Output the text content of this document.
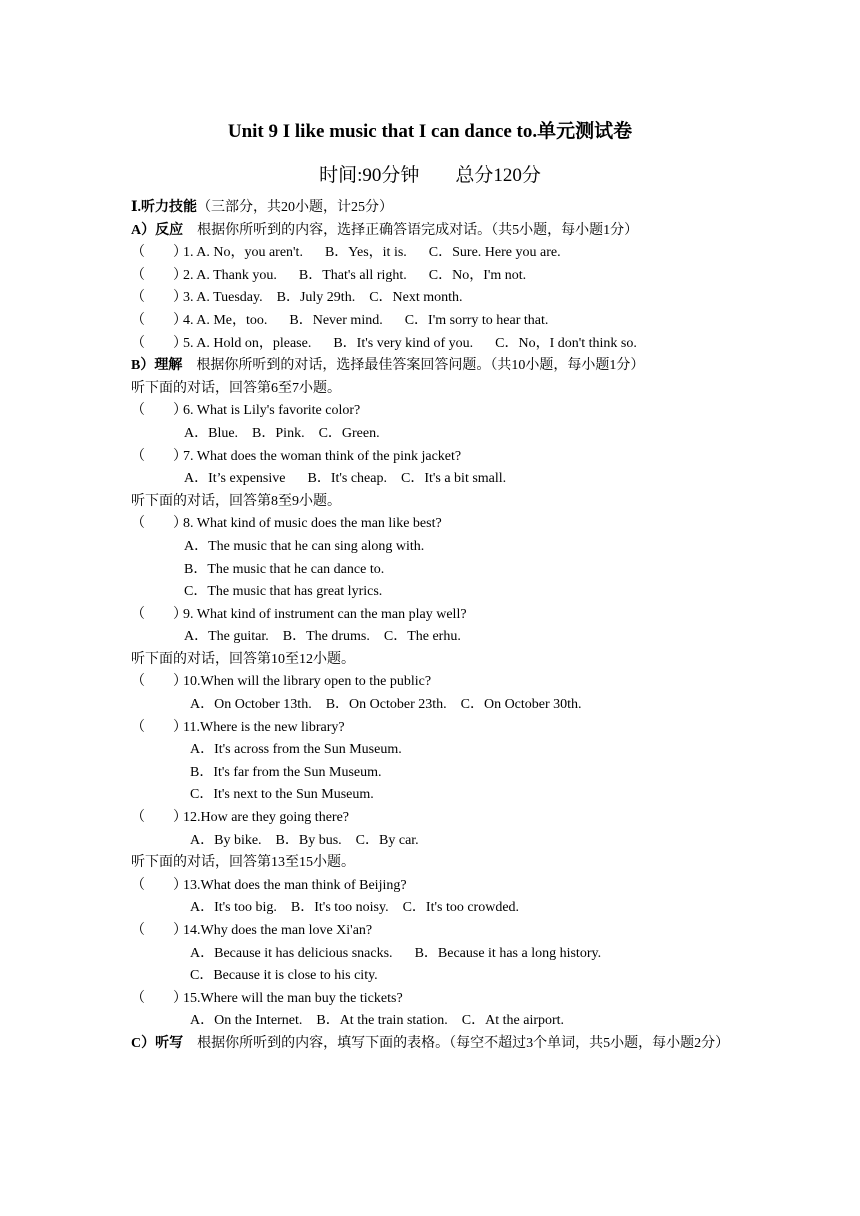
Unit 9 I like music that I can dance to.单元测试卷
时间:90分钟 总分120分
Ⅰ.听力技能（三部分，共20小题，计25分）
A）反应 根据你所听到的内容，选择正确答语完成对话。（共5小题，每小题1分）
（　　）1. A. No，you aren't. B．Yes，it is. C．Sure. Here you are.
（　　）2. A. Thank you. B．That's all right. C．No，I'm not.
（　　）3. A. Tuesday. B．July 29th. C．Next month.
（　　）4. A. Me，too. B．Never mind. C．I'm sorry to hear that.
（　　）5. A. Hold on，please. B．It's very kind of you. C．No，I don't think so.
B）理解 根据你所听到的对话，选择最佳答案回答问题。（共10小题，每小题1分）
听下面的对话，回答第6至7小题。
（　　）6. What is Lily's favorite color?
A．Blue.　B．Pink.　C．Green.
（　　）7. What does the woman think of the pink jacket?
A．It’s expensive B．It's cheap.　C．It's a bit small.
听下面的对话，回答第8至9小题。
（　　）8. What kind of music does the man like best?
A．The music that he can sing along with.
B．The music that he can dance to.
C．The music that has great lyrics.
（　　）9. What kind of instrument can the man play well?
A．The guitar.　B．The drums.　C．The erhu.
听下面的对话，回答第10至12小题。
（　　）10.When will the library open to the public?
A．On October 13th.　B．On October 23th.　C．On October 30th.
（　　）11.Where is the new library?
A．It's across from the Sun Museum.
B．It's far from the Sun Museum.
C．It's next to the Sun Museum.
（　　）12.How are they going there?
A．By bike.　B．By bus.　C．By car.
听下面的对话，回答第13至15小题。
（　　）13.What does the man think of Beijing?
A．It's too big.　B．It's too noisy.　C．It's too crowded.
（　　）14.Why does the man love Xi'an?
A．Because it has delicious snacks. B．Because it has a long history.
C．Because it is close to his city.
（　　）15.Where will the man buy the tickets?
A．On the Internet.　B．At the train station.　C．At the airport.
C）听写 根据你所听到的内容，填写下面的表格。（每空不超过3个单词，共5小题，每小题2分）
